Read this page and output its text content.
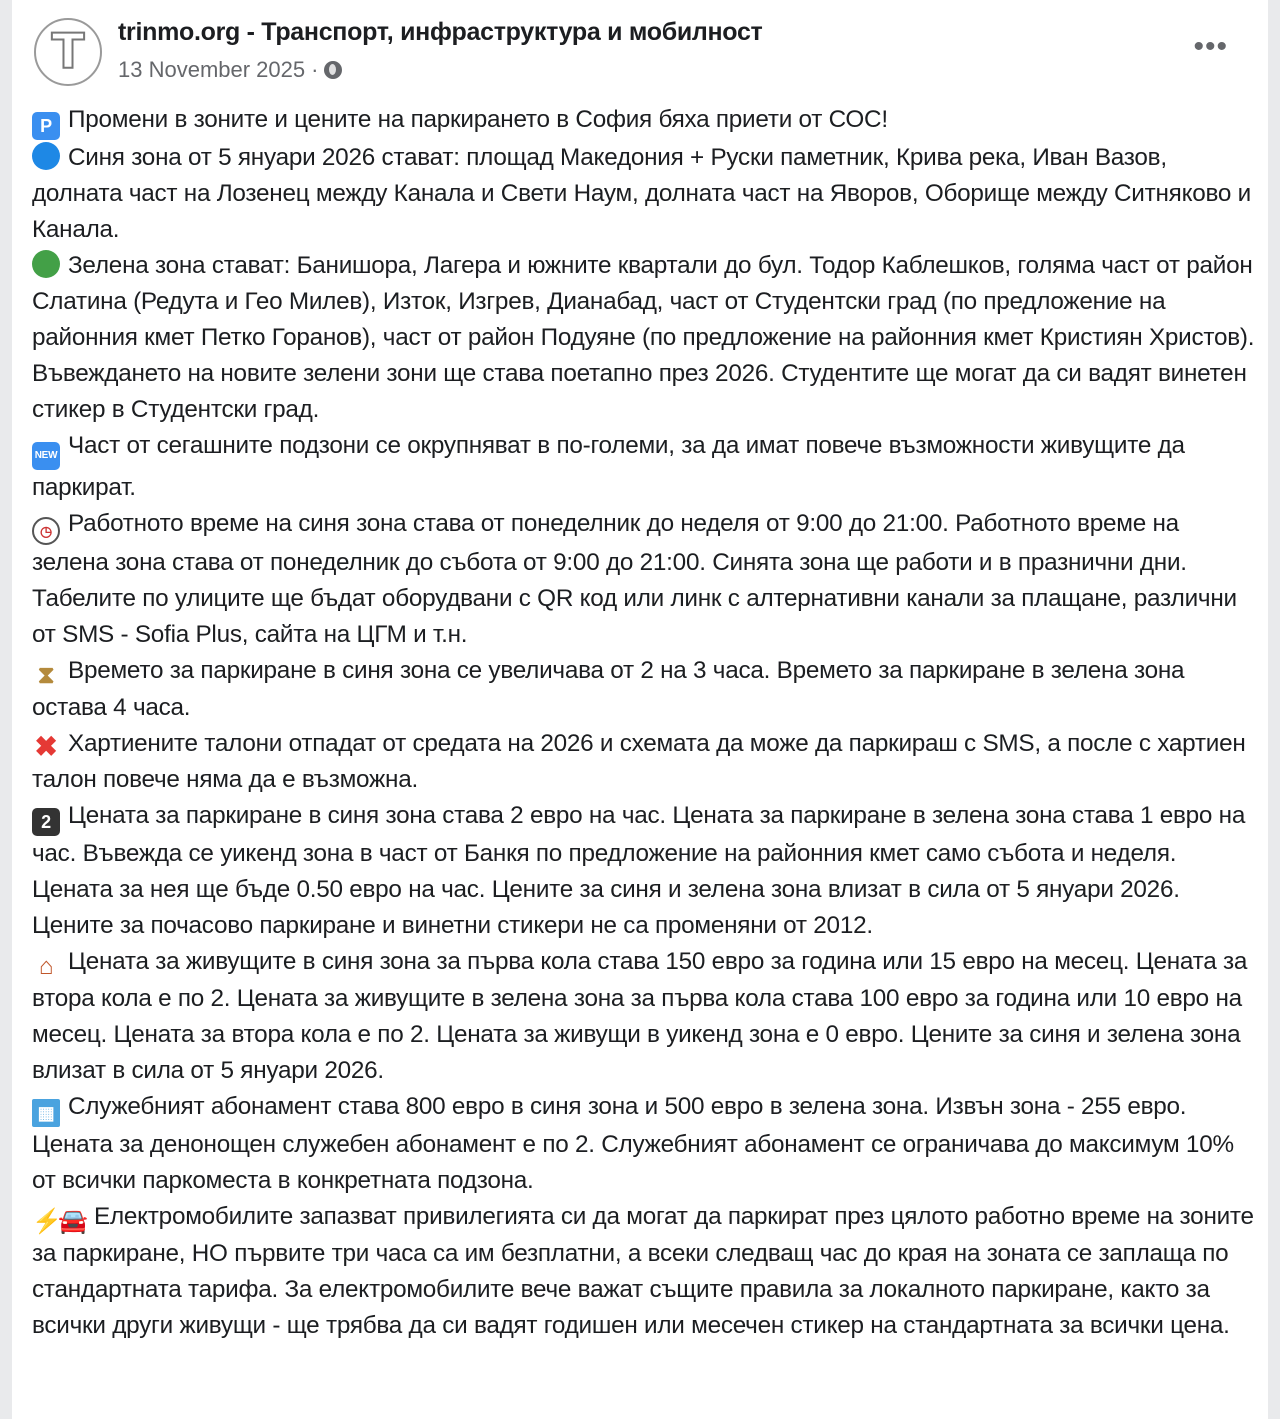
T trinmo.org - Транспорт, инфраструктура и мобилност
13 November 2025 ·
•••

P Промени в зоните и цените на паркирането в София бяха приети от СОС!

Синя зона от 5 януари 2026 стават: площад Македония + Руски паметник, Крива река, Иван Вазов, долната част на Лозенец между Канала и Свети Наум, долната част на Яворов, Оборище между Ситняково и Канала.

Зелена зона стават: Банишора, Лагера и южните квартали до бул. Тодор Каблешков, голяма част от район Слатина (Редута и Гео Милев), Изток, Изгрев, Дианабад, част от Студентски град (по предложение на районния кмет Петко Горанов), част от район Подуяне (по предложение на районния кмет Кристиян Христов). Въвеждането на новите зелени зони ще става поетапно през 2026. Студентите ще могат да си вадят винетен стикер в Студентски град.

NEW Част от сегашните подзони се окрупняват в по-големи, за да имат повече възможности живущите да паркират.

◷ Работното време на синя зона става от понеделник до неделя от 9:00 до 21:00. Работното време на зелена зона става от понеделник до събота от 9:00 до 21:00. Синята зона ще работи и в празнични дни. Табелите по улиците ще бъдат оборудвани с QR код или линк с алтернативни канали за плащане, различни от SMS - Sofia Plus, сайта на ЦГМ и т.н.

⧗ Времето за паркиране в синя зона се увеличава от 2 на 3 часа. Времето за паркиране в зелена зона остава 4 часа.

✖ Хартиените талони отпадат от средата на 2026 и схемата да може да паркираш с SMS, а после с хартиен талон повече няма да е възможна.

2 Цената за паркиране в синя зона става 2 евро на час. Цената за паркиране в зелена зона става 1 евро на час. Въвежда се уикенд зона в част от Банкя по предложение на районния кмет само събота и неделя. Цената за нея ще бъде 0.50 евро на час. Цените за синя и зелена зона влизат в сила от 5 януари 2026. Цените за почасово паркиране и винетни стикери не са променяни от 2012.

⌂ Цената за живущите в синя зона за първа кола става 150 евро за година или 15 евро на месец. Цената за втора кола е по 2. Цената за живущите в зелена зона за първа кола става 100 евро за година или 10 евро на месец. Цената за втора кола е по 2. Цената за живущи в уикенд зона е 0 евро. Цените за синя и зелена зона влизат в сила от 5 януари 2026.

▦ Служебният абонамент става 800 евро в синя зона и 500 евро в зелена зона. Извън зона - 255 евро. Цената за денонощен служебен абонамент е по 2. Служебният абонамент се ограничава до максимум 10% от всички паркоместа в конкретната подзона.

⚡🚘 Електромобилите запазват привилегията си да могат да паркират през цялото работно време на зоните за паркиране, НО първите три часа са им безплатни, а всеки следващ час до края на зоната се заплаща по стандартната тарифа. За електромобилите вече важат същите правила за локалното паркиране, както за всички други живущи - ще трябва да си вадят годишен или месечен стикер на стандартната за всички цена.
